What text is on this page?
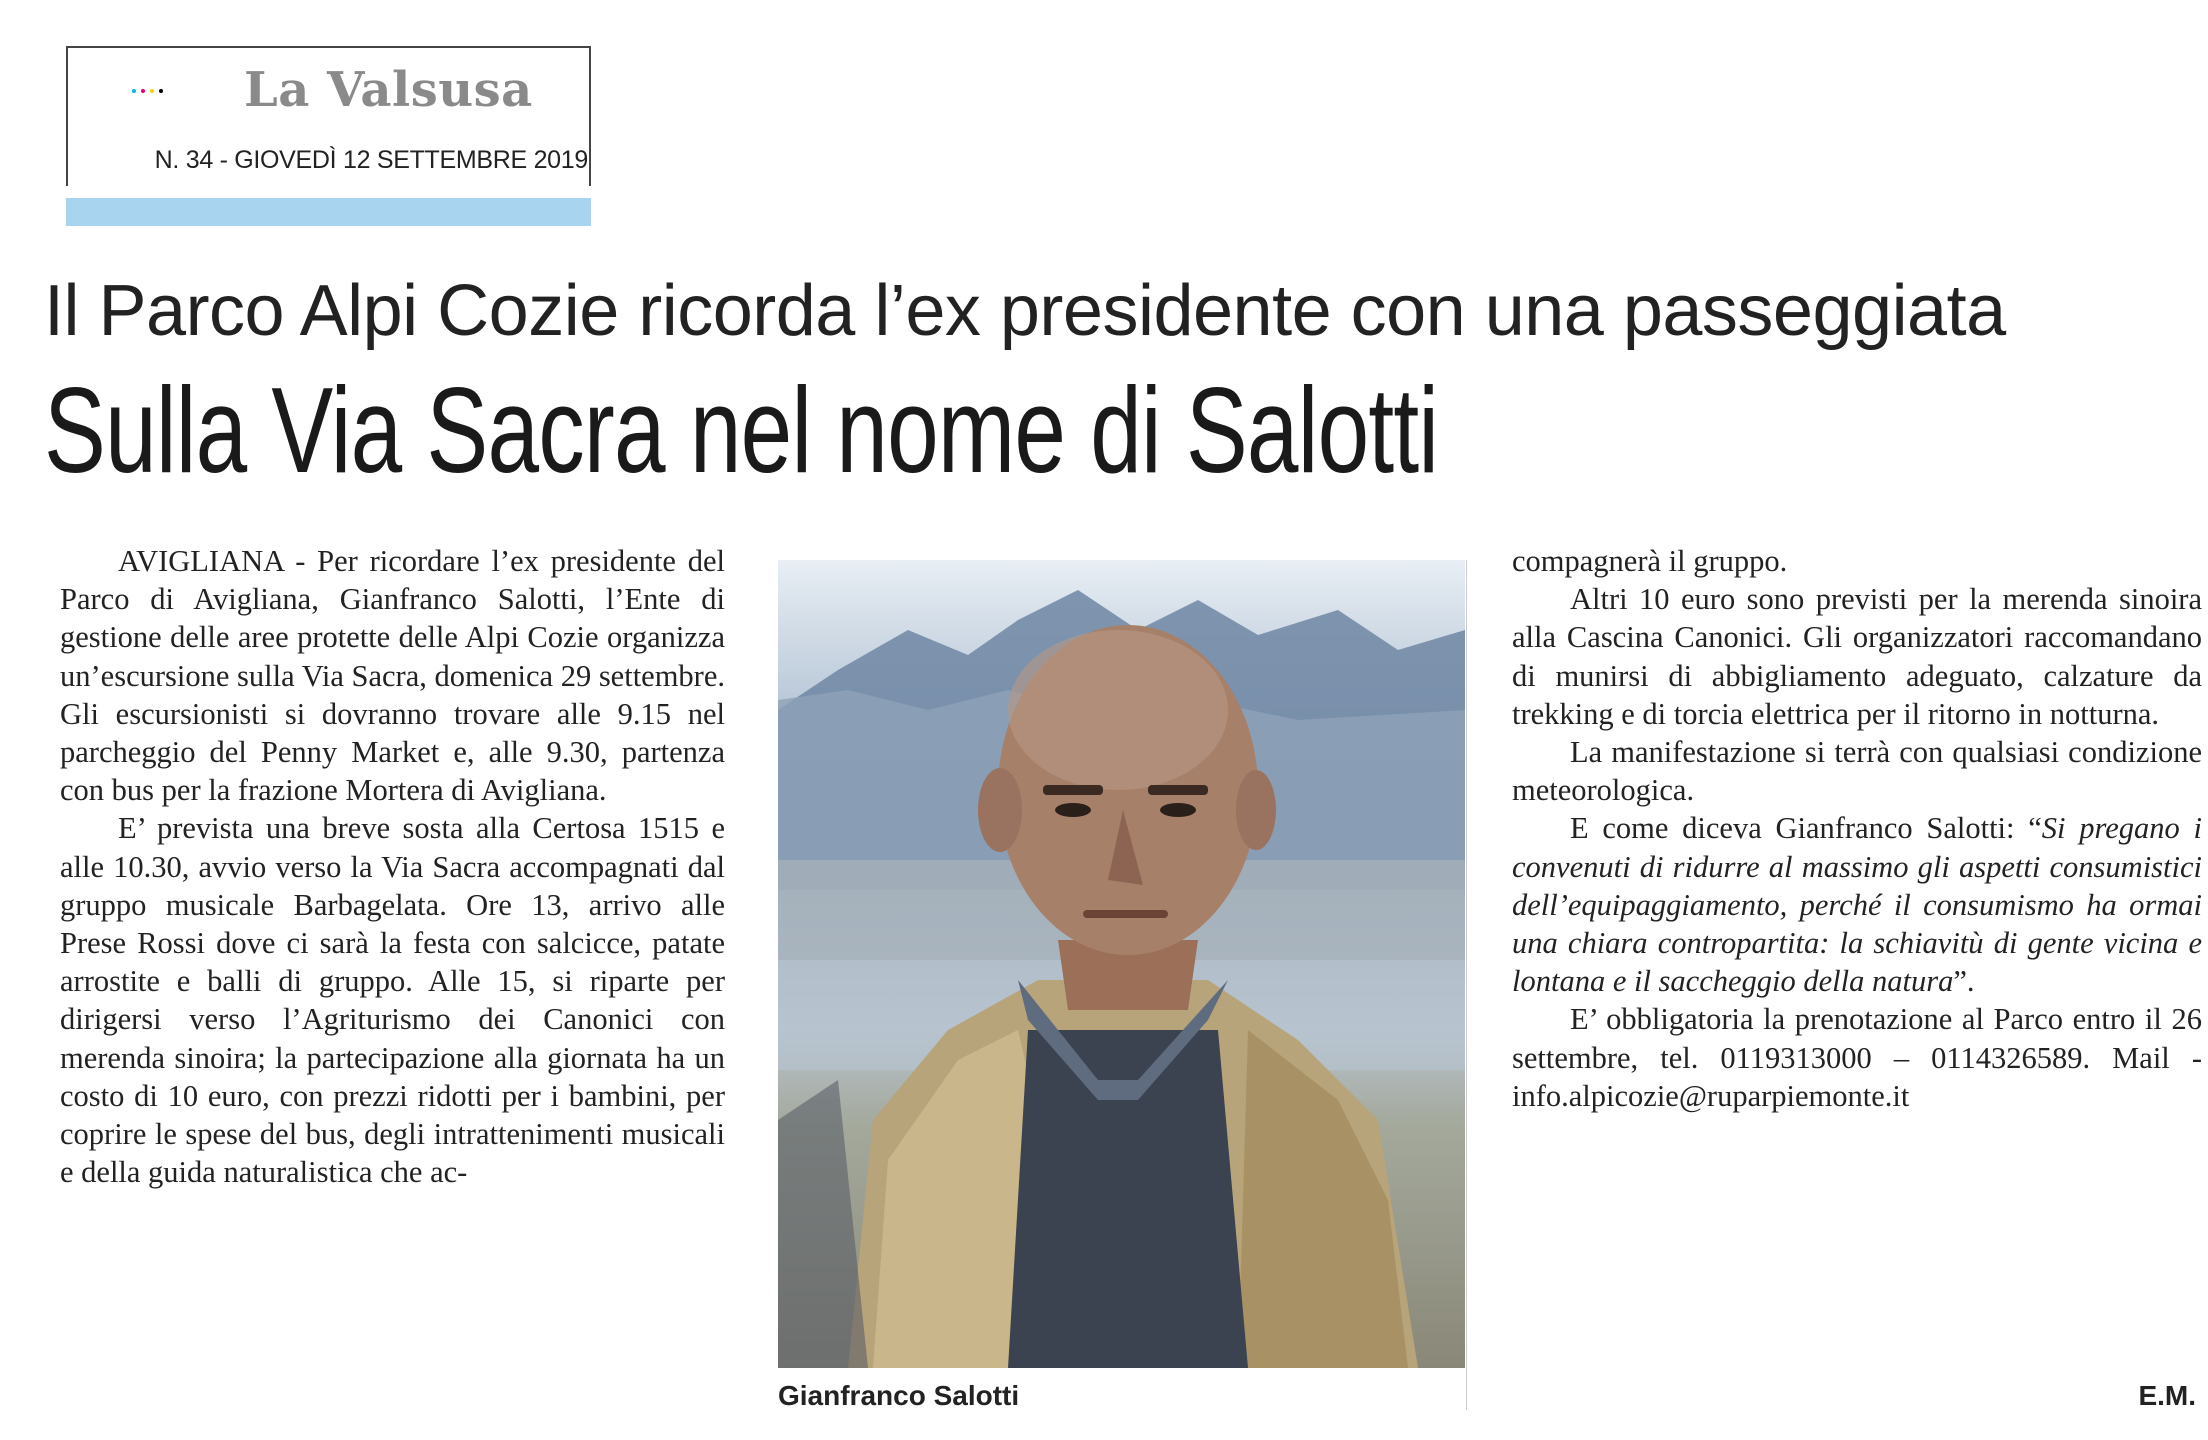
La Valsusa
N. 34 - GIOVEDÌ 12 SETTEMBRE 2019
Il Parco Alpi Cozie ricorda l’ex presidente con una passeggiata
Sulla Via Sacra nel nome di Salotti

AVIGLIANA - Per ricordare l’ex presidente del Parco di Avigliana, Gianfranco Salotti, l’Ente di gestione delle aree protette delle Alpi Cozie organizza un’escursione sulla Via Sacra, domenica 29 settembre. Gli escursionisti si dovranno trovare alle 9.15 nel parcheggio del Penny Market e, alle 9.30, partenza con bus per la frazione Mortera di Avigliana.

E’ prevista una breve sosta alla Certosa 1515 e alle 10.30, avvio verso la Via Sacra accompagnati dal gruppo musicale Barbagelata. Ore 13, arrivo alle Prese Rossi dove ci sarà la festa con salcicce, patate arrostite e balli di gruppo. Alle 15, si riparte per dirigersi verso l’Agriturismo dei Canonici con merenda sinoira; la partecipazione alla giornata ha un costo di 10 euro, con prezzi ridotti per i bambini, per coprire le spese del bus, degli intrattenimenti musicali e della guida naturalistica che ac-

Gianfranco Salotti

compagnerà il gruppo.

Altri 10 euro sono previsti per la merenda sinoira alla Cascina Canonici. Gli organizzatori raccomandano di munirsi di abbigliamento adeguato, calzature da trekking e di torcia elettrica per il ritorno in notturna.

La manifestazione si terrà con qualsiasi condizione meteorologica.

E come diceva Gianfranco Salotti: “Si pregano i convenuti di ridurre al massimo gli aspetti consumistici dell’equipaggiamento, perché il consumismo ha ormai una chiara contropartita: la schiavitù di gente vicina e lontana e il saccheggio della natura”.

E’ obbligatoria la prenotazione al Parco entro il 26 settembre, tel. 0119313000 – 0114326589. Mail - info.alpicozie@ruparpiemonte.it

E.M.
